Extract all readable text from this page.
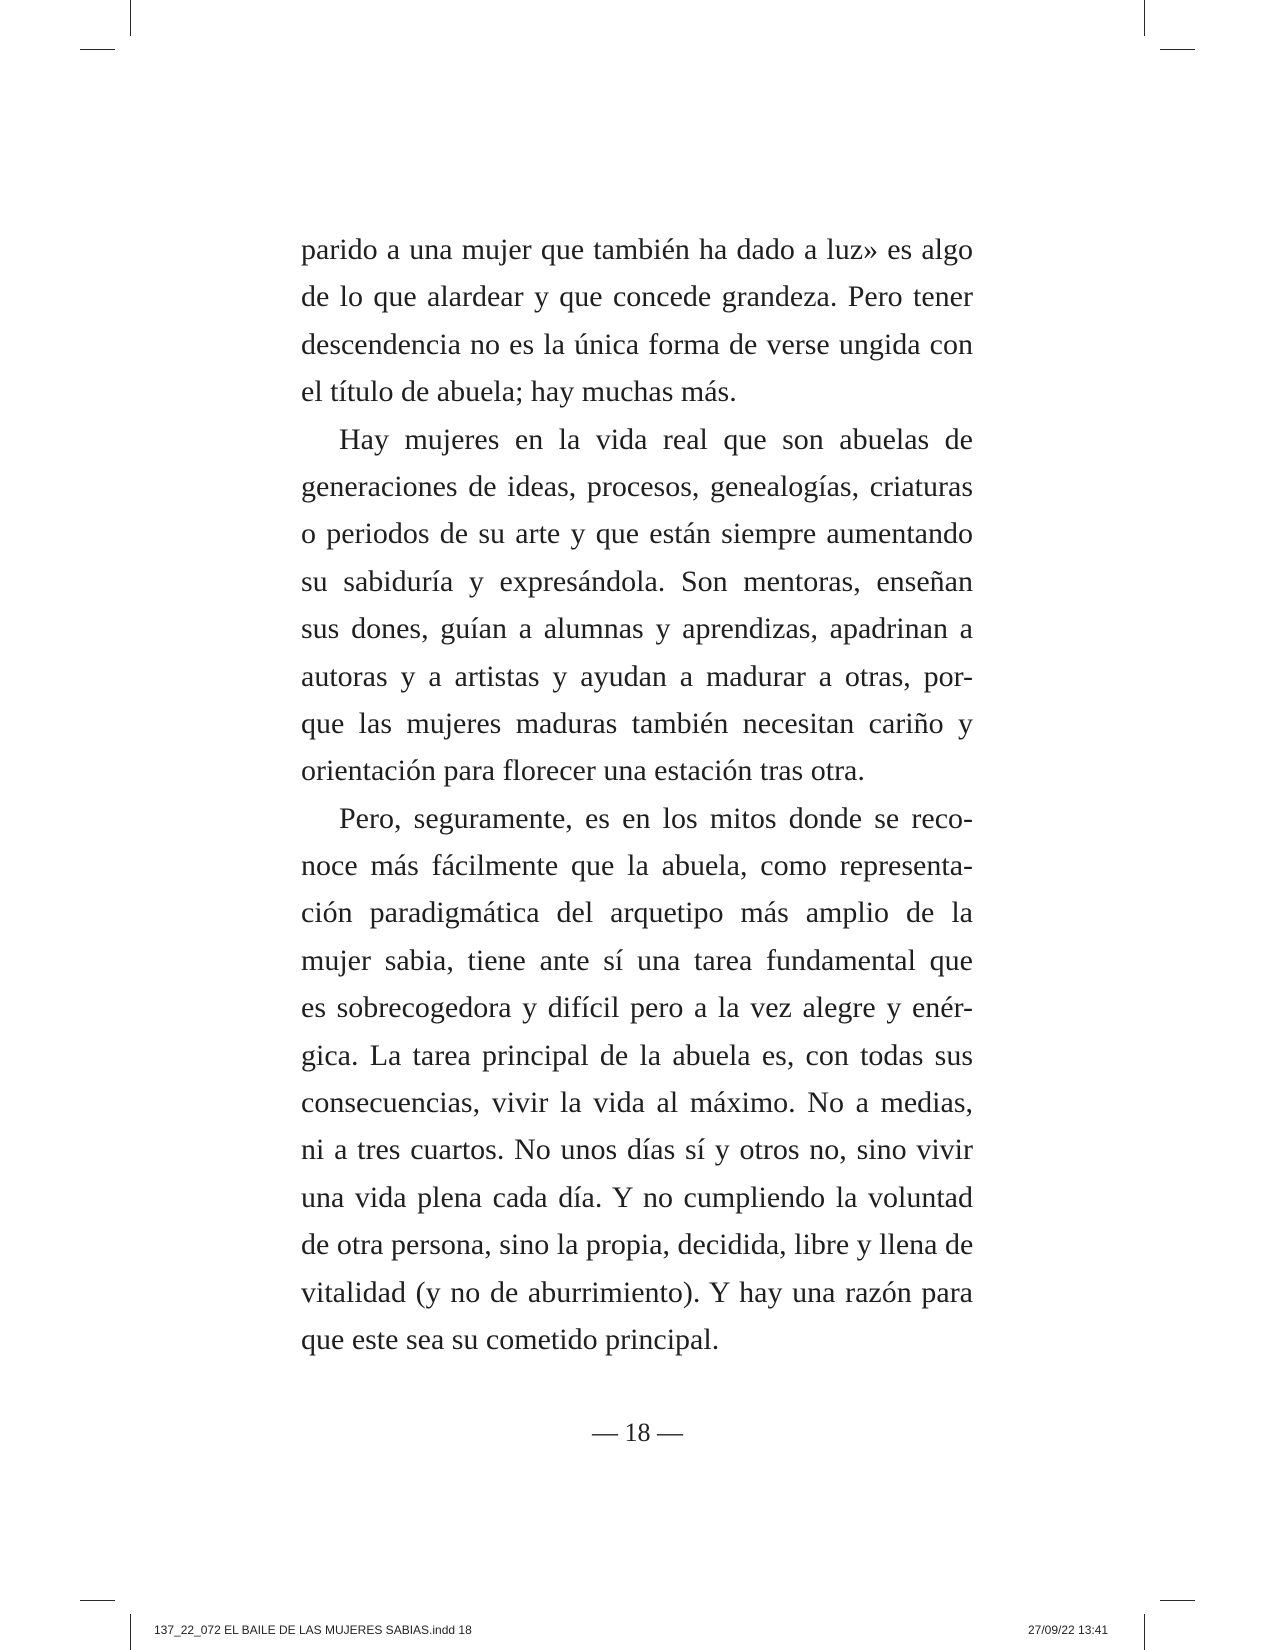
parido a una mujer que también ha dado a luz» es algo
de lo que alardear y que concede grandeza. Pero tener
descendencia no es la única forma de verse ungida con
el título de abuela; hay muchas más.
Hay mujeres en la vida real que son abuelas de
generaciones de ideas, procesos, genealogías, criaturas
o periodos de su arte y que están siempre aumentando
su sabiduría y expresándola. Son mentoras, enseñan
sus dones, guían a alumnas y aprendizas, apadrinan a
autoras y a artistas y ayudan a madurar a otras, por-
que las mujeres maduras también necesitan cariño y
orientación para florecer una estación tras otra.
Pero, seguramente, es en los mitos donde se reco-
noce más fácilmente que la abuela, como representa-
ción paradigmática del arquetipo más amplio de la
mujer sabia, tiene ante sí una tarea fundamental que
es sobrecogedora y difícil pero a la vez alegre y enér-
gica. La tarea principal de la abuela es, con todas sus
consecuencias, vivir la vida al máximo. No a medias,
ni a tres cuartos. No unos días sí y otros no, sino vivir
una vida plena cada día. Y no cumpliendo la voluntad
de otra persona, sino la propia, decidida, libre y llena de
vitalidad (y no de aburrimiento). Y hay una razón para
que este sea su cometido principal.
— 18 —
137_22_072 EL BAILE DE LAS MUJERES SABIAS.indd 18	27/09/22 13:41
